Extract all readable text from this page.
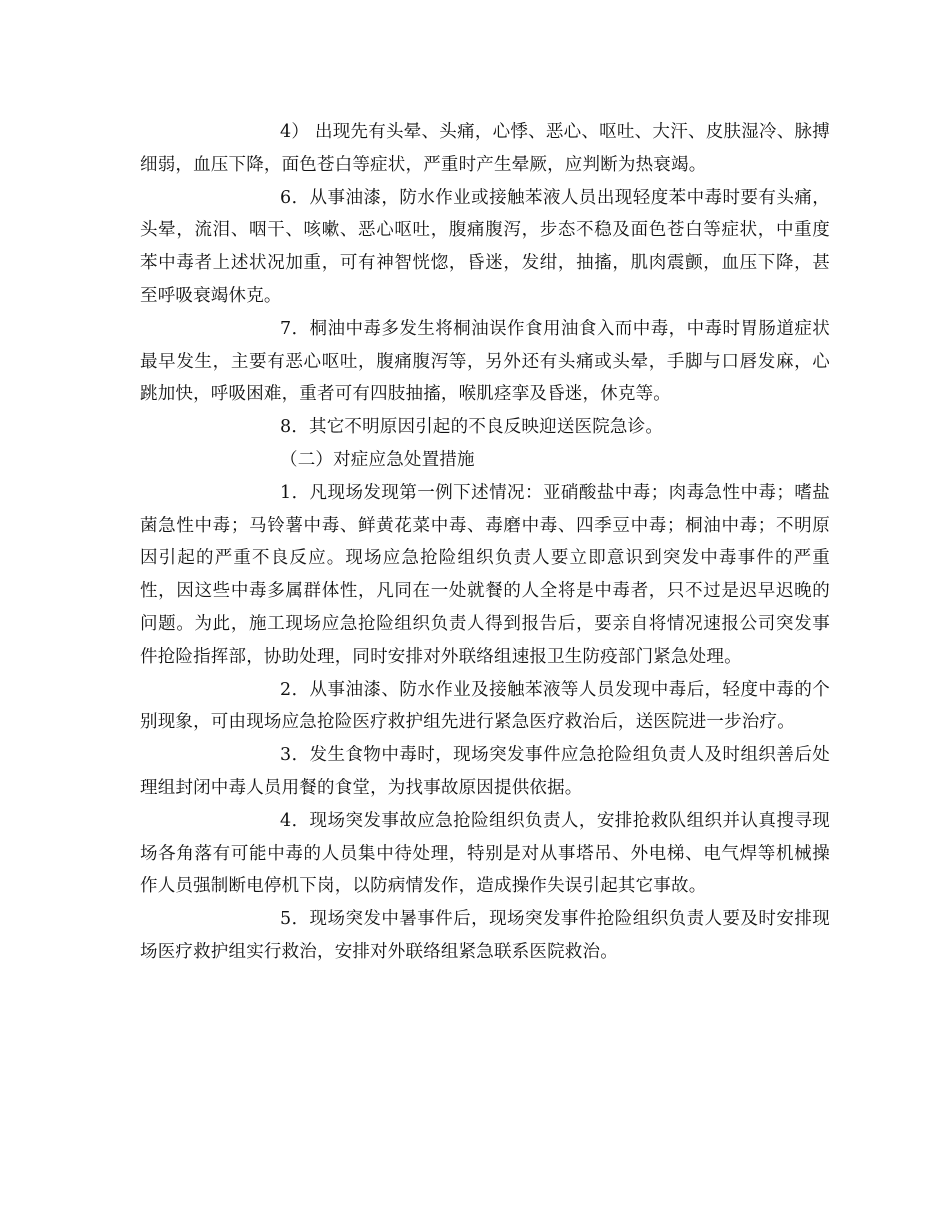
4） 出现先有头晕、头痛，心悸、恶心、呕吐、大汗、皮肤湿冷、脉搏细弱，血压下降，面色苍白等症状，严重时产生晕厥，应判断为热衰竭。

6．从事油漆，防水作业或接触苯液人员出现轻度苯中毒时要有头痛，头晕，流泪、咽干、咳嗽、恶心呕吐，腹痛腹泻，步态不稳及面色苍白等症状，中重度苯中毒者上述状况加重，可有神智恍惚，昏迷，发绀，抽搐，肌肉震颤，血压下降，甚至呼吸衰竭休克。

7．桐油中毒多发生将桐油误作食用油食入而中毒，中毒时胃肠道症状最早发生，主要有恶心呕吐，腹痛腹泻等，另外还有头痛或头晕，手脚与口唇发麻，心跳加快，呼吸困难，重者可有四肢抽搐，喉肌痉挛及昏迷，休克等。

8．其它不明原因引起的不良反映迎送医院急诊。

（二）对症应急处置措施

1．凡现场发现第一例下述情况：亚硝酸盐中毒；肉毒急性中毒；嗜盐菌急性中毒；马铃薯中毒、鲜黄花菜中毒、毒磨中毒、四季豆中毒；桐油中毒；不明原因引起的严重不良反应。现场应急抢险组织负责人要立即意识到突发中毒事件的严重性，因这些中毒多属群体性，凡同在一处就餐的人全将是中毒者，只不过是迟早迟晚的问题。为此，施工现场应急抢险组织负责人得到报告后，要亲自将情况速报公司突发事件抢险指挥部，协助处理，同时安排对外联络组速报卫生防疫部门紧急处理。

2．从事油漆、防水作业及接触苯液等人员发现中毒后，轻度中毒的个别现象，可由现场应急抢险医疗救护组先进行紧急医疗救治后，送医院进一步治疗。

3．发生食物中毒时，现场突发事件应急抢险组负责人及时组织善后处理组封闭中毒人员用餐的食堂，为找事故原因提供依据。

4．现场突发事故应急抢险组织负责人，安排抢救队组织并认真搜寻现场各角落有可能中毒的人员集中待处理，特别是对从事塔吊、外电梯、电气焊等机械操作人员强制断电停机下岗，以防病情发作，造成操作失误引起其它事故。

5．现场突发中暑事件后，现场突发事件抢险组织负责人要及时安排现场医疗救护组实行救治，安排对外联络组紧急联系医院救治。
